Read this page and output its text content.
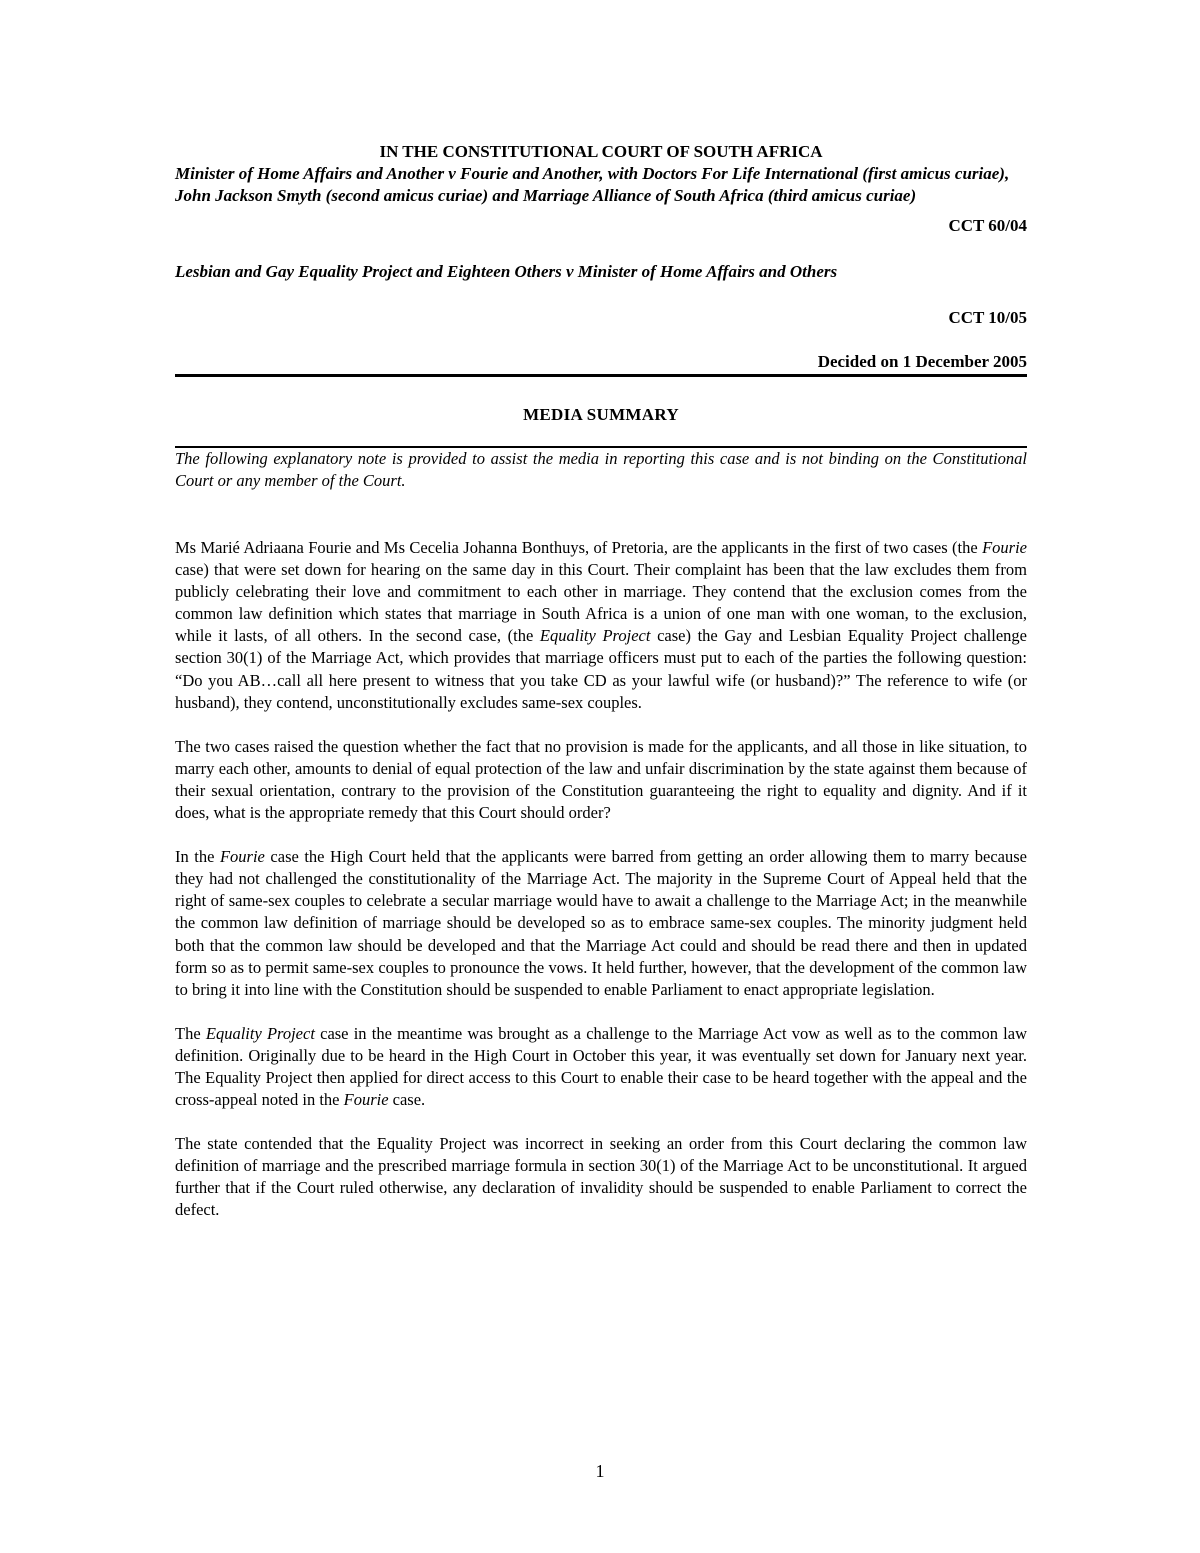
IN THE CONSTITUTIONAL COURT OF SOUTH AFRICA

Minister of Home Affairs and Another v Fourie and Another, with Doctors For Life International (first amicus curiae), John Jackson Smyth (second amicus curiae) and Marriage Alliance of South Africa (third amicus curiae)

CCT 60/04

Lesbian and Gay Equality Project and Eighteen Others v Minister of Home Affairs and Others

CCT 10/05

Decided on 1 December 2005

MEDIA SUMMARY

The following explanatory note is provided to assist the media in reporting this case and is not binding on the Constitutional Court or any member of the Court.

Ms Marié Adriaana Fourie and Ms Cecelia Johanna Bonthuys, of Pretoria, are the applicants in the first of two cases (the Fourie case) that were set down for hearing on the same day in this Court. Their complaint has been that the law excludes them from publicly celebrating their love and commitment to each other in marriage. They contend that the exclusion comes from the common law definition which states that marriage in South Africa is a union of one man with one woman, to the exclusion, while it lasts, of all others. In the second case, (the Equality Project case) the Gay and Lesbian Equality Project challenge section 30(1) of the Marriage Act, which provides that marriage officers must put to each of the parties the following question: “Do you AB…call all here present to witness that you take CD as your lawful wife (or husband)?” The reference to wife (or husband), they contend, unconstitutionally excludes same-sex couples.

The two cases raised the question whether the fact that no provision is made for the applicants, and all those in like situation, to marry each other, amounts to denial of equal protection of the law and unfair discrimination by the state against them because of their sexual orientation, contrary to the provision of the Constitution guaranteeing the right to equality and dignity. And if it does, what is the appropriate remedy that this Court should order?

In the Fourie case the High Court held that the applicants were barred from getting an order allowing them to marry because they had not challenged the constitutionality of the Marriage Act. The majority in the Supreme Court of Appeal held that the right of same-sex couples to celebrate a secular marriage would have to await a challenge to the Marriage Act; in the meanwhile the common law definition of marriage should be developed so as to embrace same-sex couples. The minority judgment held both that the common law should be developed and that the Marriage Act could and should be read there and then in updated form so as to permit same-sex couples to pronounce the vows. It held further, however, that the development of the common law to bring it into line with the Constitution should be suspended to enable Parliament to enact appropriate legislation.

The Equality Project case in the meantime was brought as a challenge to the Marriage Act vow as well as to the common law definition. Originally due to be heard in the High Court in October this year, it was eventually set down for January next year. The Equality Project then applied for direct access to this Court to enable their case to be heard together with the appeal and the cross-appeal noted in the Fourie case.

The state contended that the Equality Project was incorrect in seeking an order from this Court declaring the common law definition of marriage and the prescribed marriage formula in section 30(1) of the Marriage Act to be unconstitutional. It argued further that if the Court ruled otherwise, any declaration of invalidity should be suspended to enable Parliament to correct the defect.

1
